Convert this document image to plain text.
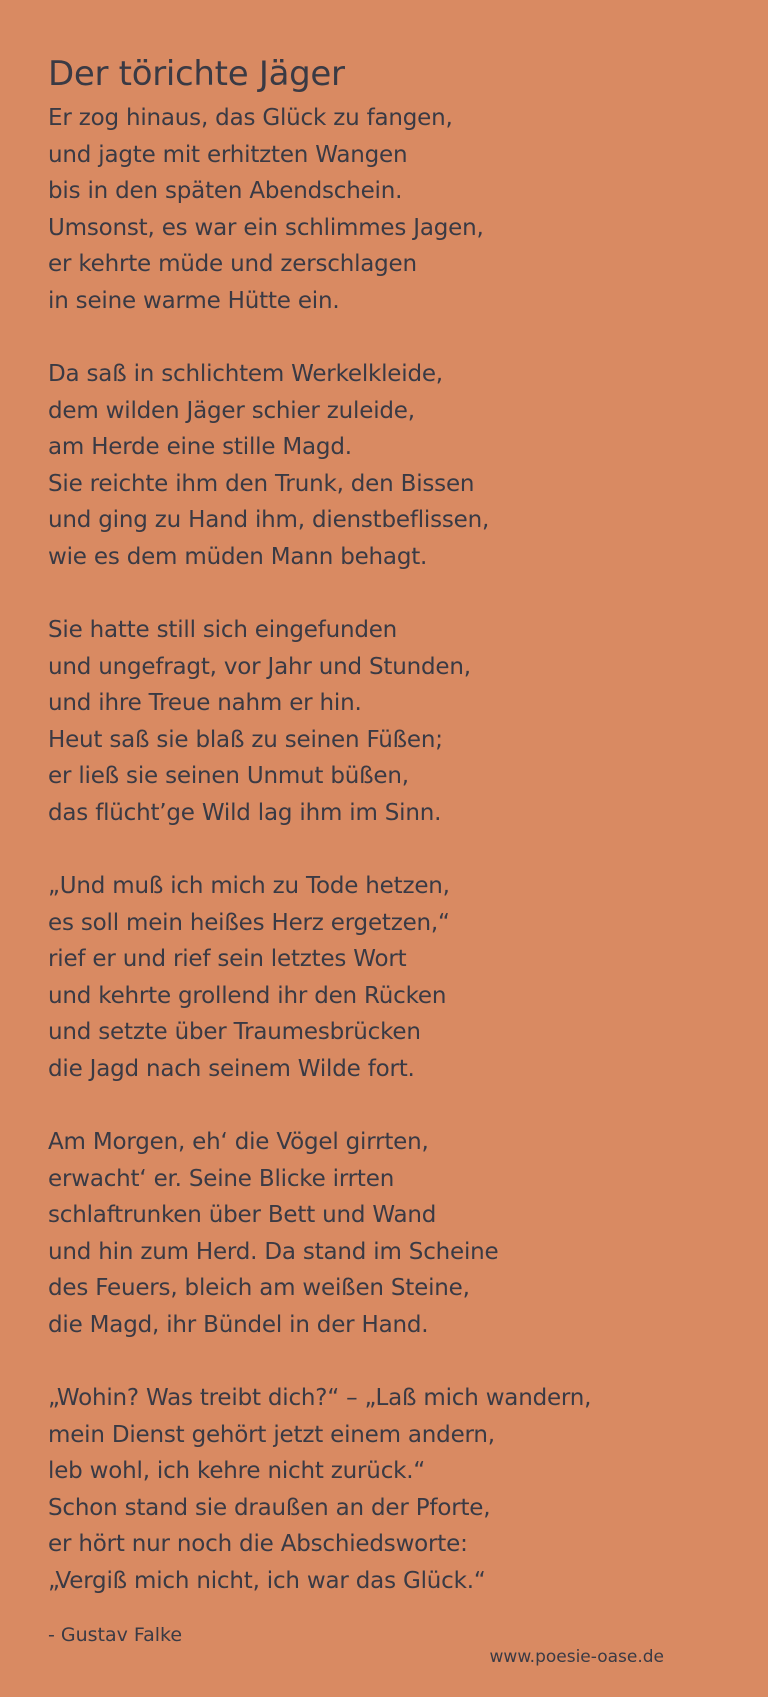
Der törichte Jäger
Er zog hinaus, das Glück zu fangen,
und jagte mit erhitzten Wangen
bis in den späten Abendschein.
Umsonst, es war ein schlimmes Jagen,
er kehrte müde und zerschlagen
in seine warme Hütte ein.
Da saß in schlichtem Werkelkleide,
dem wilden Jäger schier zuleide,
am Herde eine stille Magd.
Sie reichte ihm den Trunk, den Bissen
und ging zu Hand ihm, dienstbeflissen,
wie es dem müden Mann behagt.
Sie hatte still sich eingefunden
und ungefragt, vor Jahr und Stunden,
und ihre Treue nahm er hin.
Heut saß sie blaß zu seinen Füßen;
er ließ sie seinen Unmut büßen,
das flücht’ge Wild lag ihm im Sinn.
„Und muß ich mich zu Tode hetzen,
es soll mein heißes Herz ergetzen,“
rief er und rief sein letztes Wort
und kehrte grollend ihr den Rücken
und setzte über Traumesbrücken
die Jagd nach seinem Wilde fort.
Am Morgen, eh‘ die Vögel girrten,
erwacht‘ er. Seine Blicke irrten
schlaftrunken über Bett und Wand
und hin zum Herd. Da stand im Scheine
des Feuers, bleich am weißen Steine,
die Magd, ihr Bündel in der Hand.
„Wohin? Was treibt dich?“ – „Laß mich wandern,
mein Dienst gehört jetzt einem andern,
leb wohl, ich kehre nicht zurück.“
Schon stand sie draußen an der Pforte,
er hört nur noch die Abschiedsworte:
„Vergiß mich nicht, ich war das Glück.“
- Gustav Falke
www.poesie-oase.de
